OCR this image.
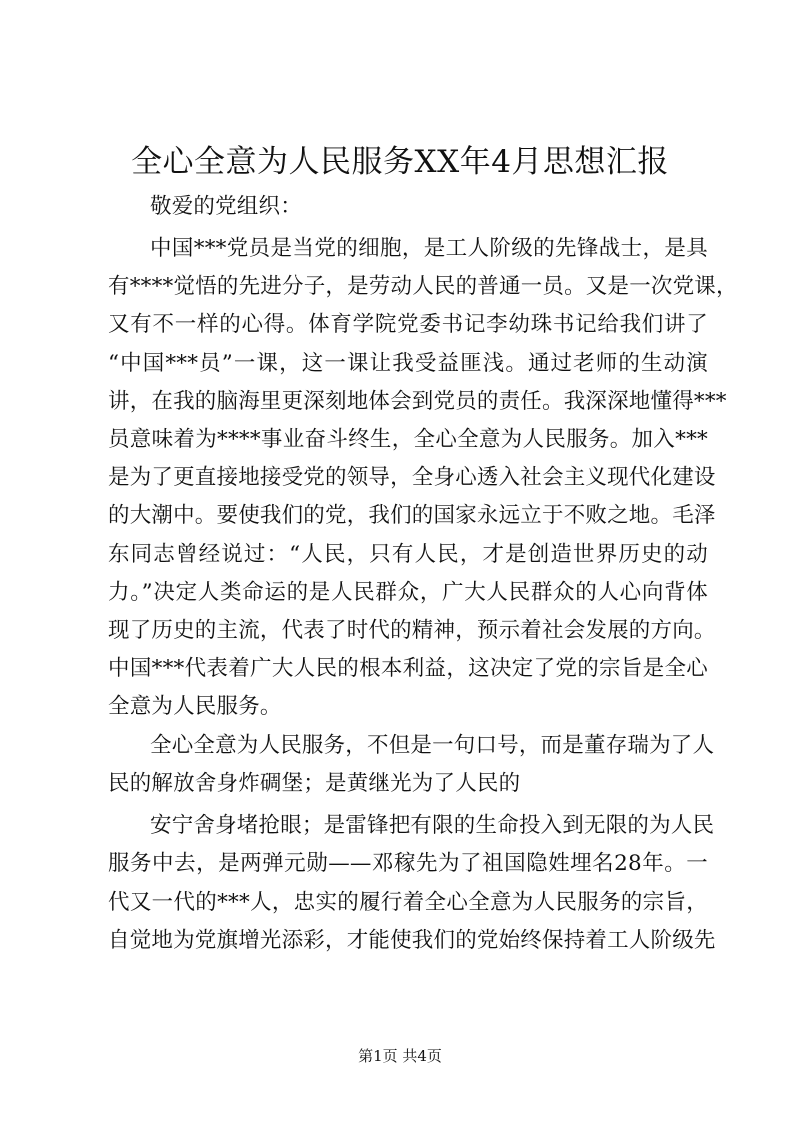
全心全意为人民服务XX年4月思想汇报
敬爱的党组织：
中国***党员是当党的细胞，是工人阶级的先锋战士，是具
有****觉悟的先进分子，是劳动人民的普通一员。又是一次党课，
又有不一样的心得。体育学院党委书记李幼珠书记给我们讲了
“中国***员”一课，这一课让我受益匪浅。通过老师的生动演
讲，在我的脑海里更深刻地体会到党员的责任。我深深地懂得***
员意味着为****事业奋斗终生，全心全意为人民服务。加入***
是为了更直接地接受党的领导，全身心透入社会主义现代化建设
的大潮中。要使我们的党，我们的国家永远立于不败之地。毛泽
东同志曾经说过：“人民，只有人民，才是创造世界历史的动
力。”决定人类命运的是人民群众，广大人民群众的人心向背体
现了历史的主流，代表了时代的精神，预示着社会发展的方向。
中国***代表着广大人民的根本利益，这决定了党的宗旨是全心
全意为人民服务。
全心全意为人民服务，不但是一句口号，而是董存瑞为了人
民的解放舍身炸碉堡；是黄继光为了人民的
安宁舍身堵抢眼；是雷锋把有限的生命投入到无限的为人民
服务中去，是两弹元勋——邓稼先为了祖国隐姓埋名28年。一
代又一代的***人，忠实的履行着全心全意为人民服务的宗旨，
自觉地为党旗增光添彩，才能使我们的党始终保持着工人阶级先
第1页 共4页
